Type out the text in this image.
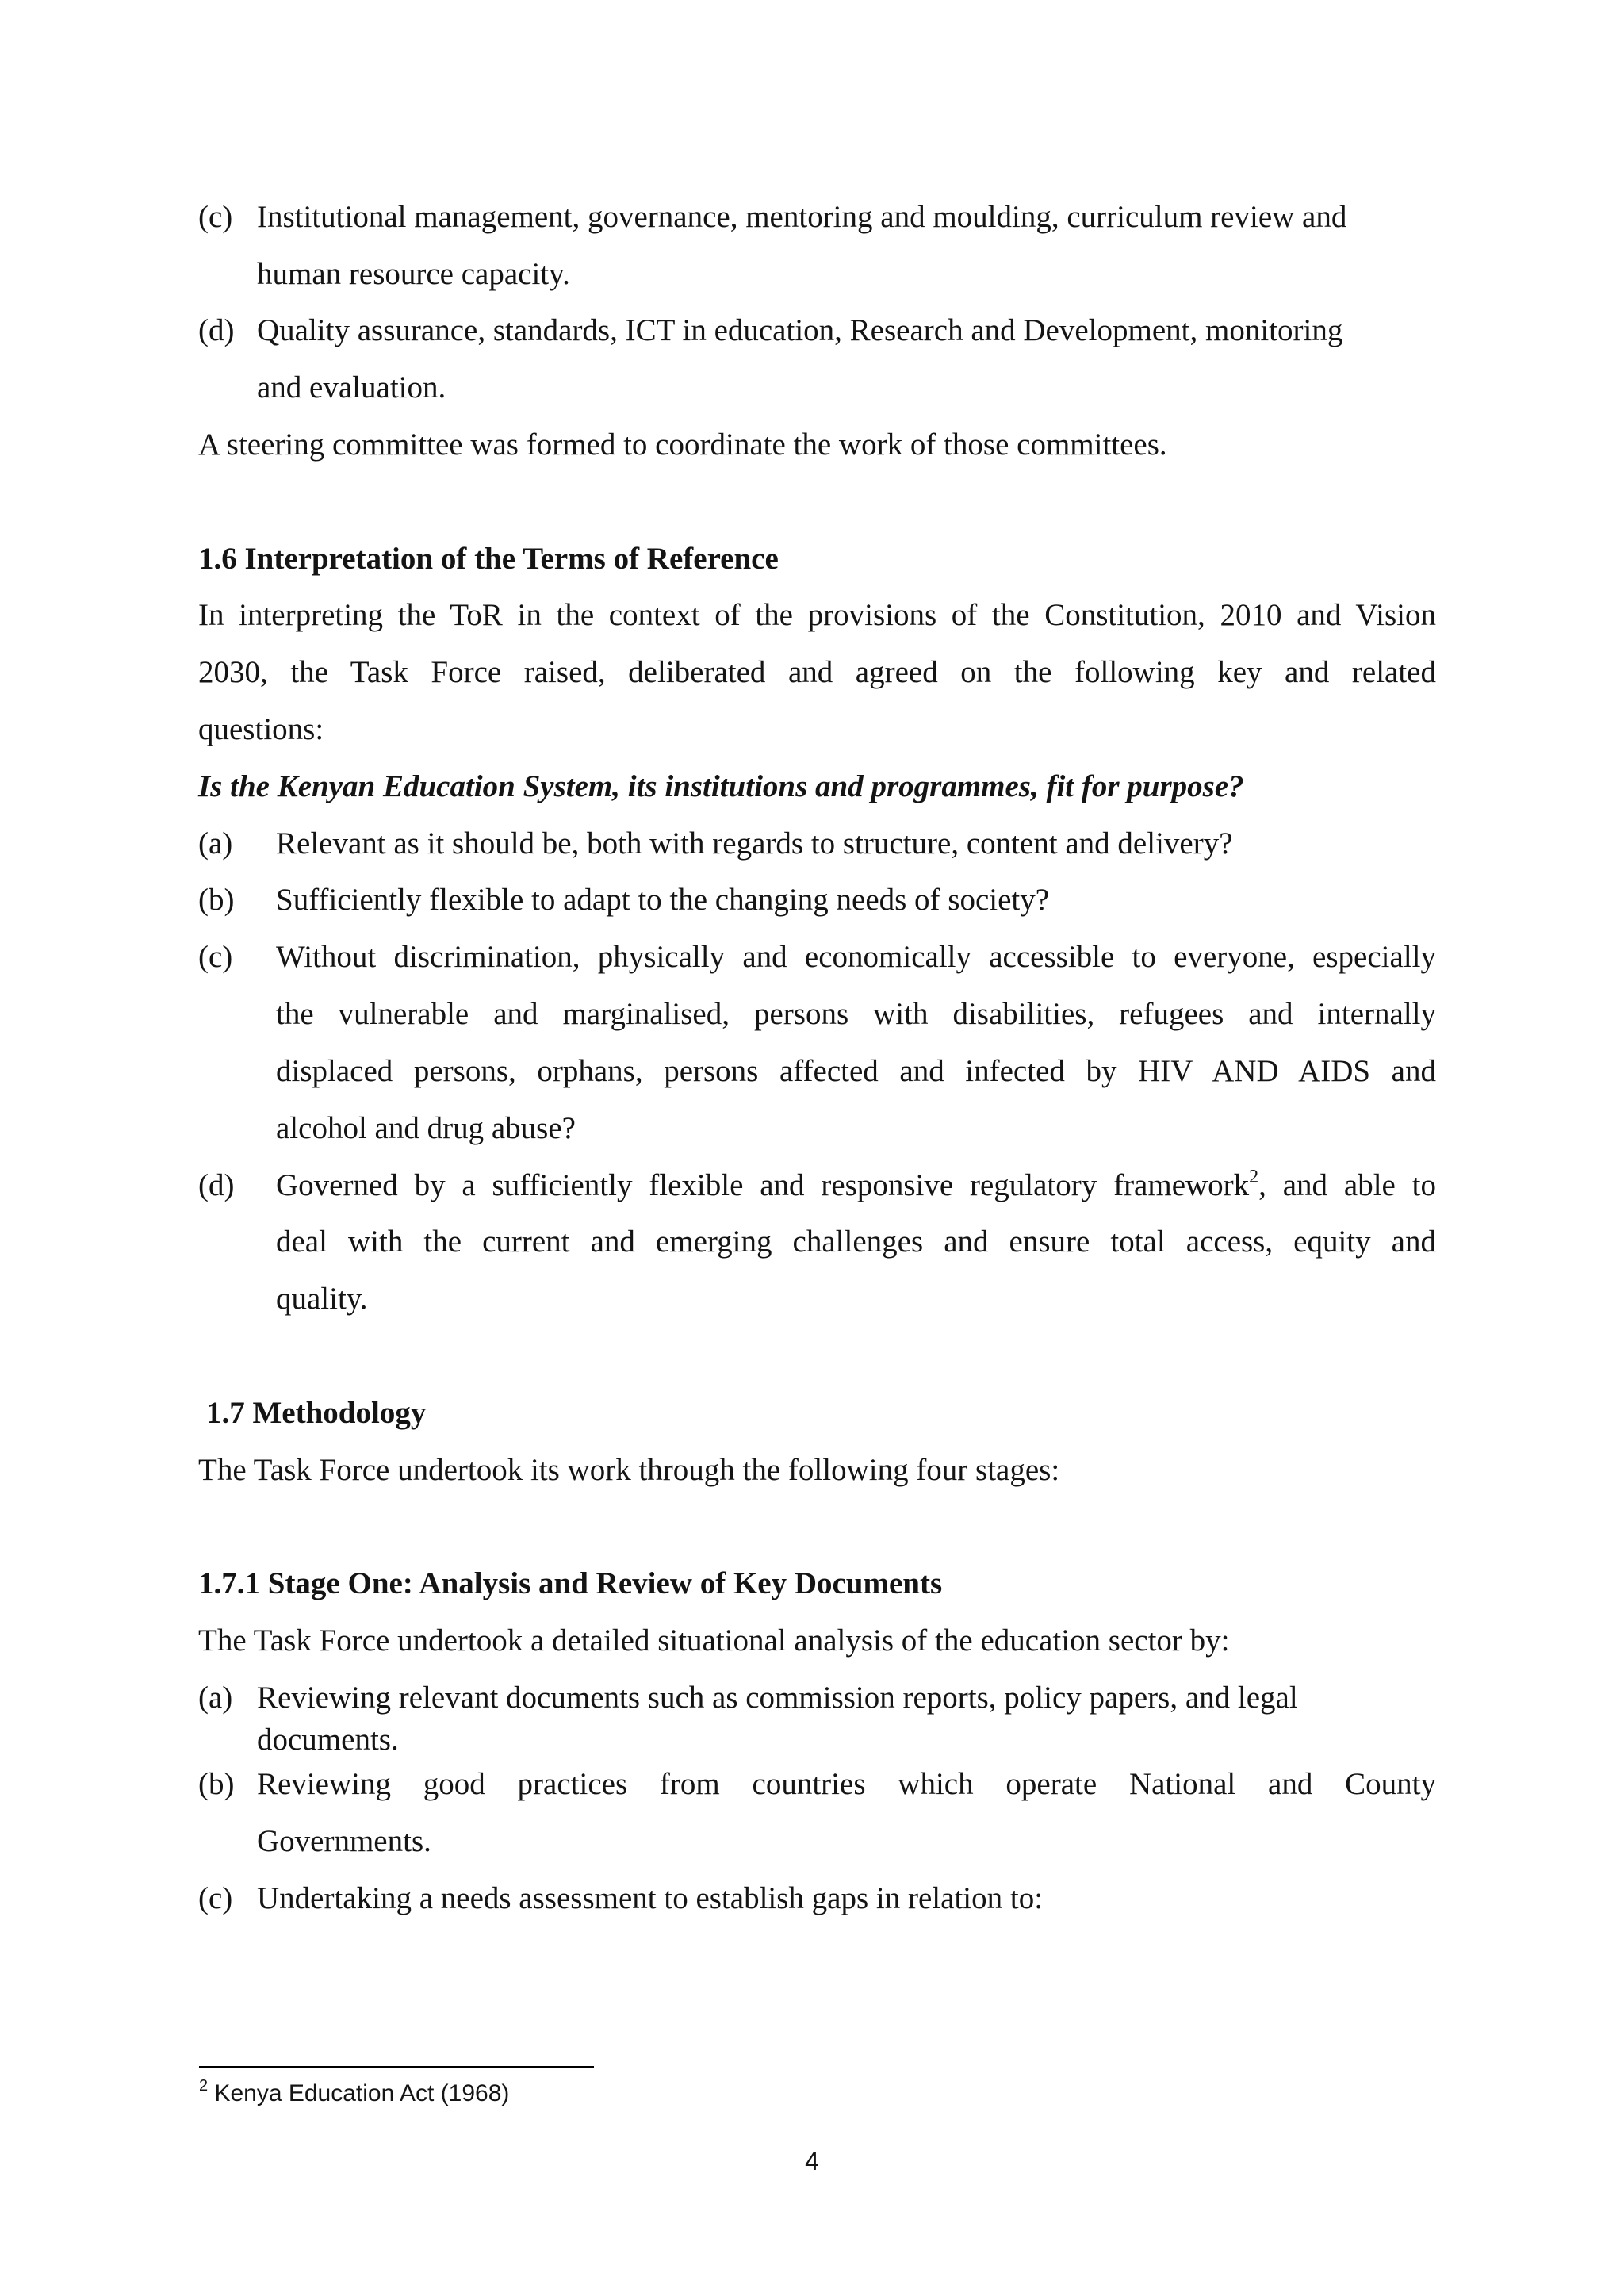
(c) Institutional management, governance, mentoring and moulding, curriculum review and
human resource capacity.
(d) Quality assurance, standards, ICT in education, Research and Development, monitoring
and evaluation.
A steering committee was formed to coordinate the work of those committees.
1.6 Interpretation of the Terms of Reference
In interpreting the ToR in the context of the provisions of the Constitution, 2010 and Vision
2030, the Task Force raised, deliberated and agreed on the following key and related
questions:
Is the Kenyan Education System, its institutions and programmes, fit for purpose?
(a) Relevant as it should be, both with regards to structure, content and delivery?
(b) Sufficiently flexible to adapt to the changing needs of society?
(c) Without discrimination, physically and economically accessible to everyone, especially
the vulnerable and marginalised, persons with disabilities, refugees and internally
displaced persons, orphans, persons affected and infected by HIV AND AIDS and
alcohol and drug abuse?
(d) Governed by a sufficiently flexible and responsive regulatory framework$^2$, and able to
deal with the current and emerging challenges and ensure total access, equity and
quality.
1.7 Methodology
The Task Force undertook its work through the following four stages:
1.7.1 Stage One: Analysis and Review of Key Documents
The Task Force undertook a detailed situational analysis of the education sector by:
(a) Reviewing relevant documents such as commission reports, policy papers, and legal
documents.
(b) Reviewing good practices from countries which operate National and County
Governments.
(c) Undertaking a needs assessment to establish gaps in relation to:
$^2$ Kenya Education Act (1968)
4
